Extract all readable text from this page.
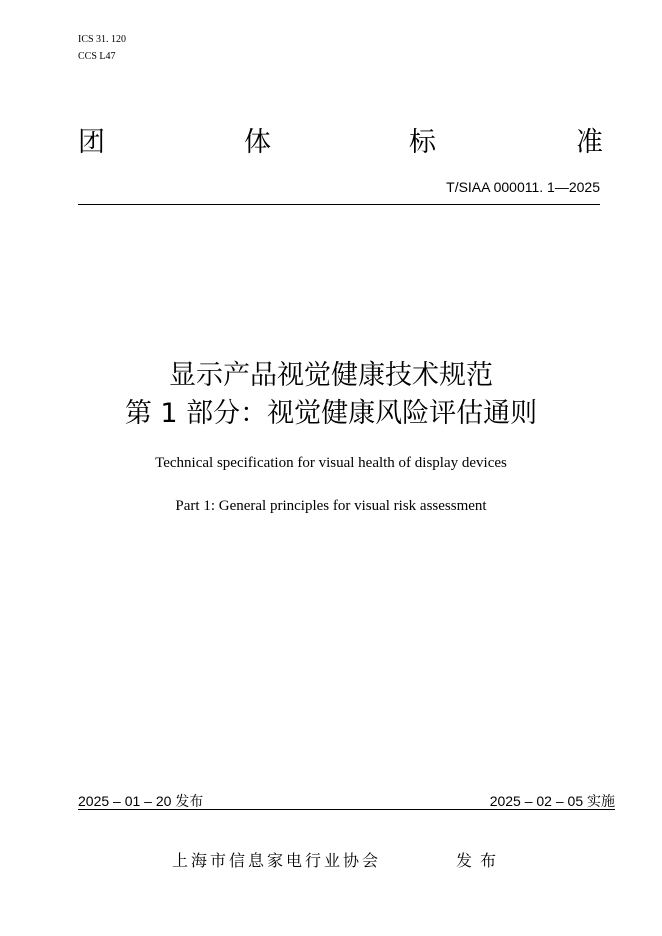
ICS 31. 120
CCS L47
团	体	标	准
T/SIAA 000011. 1—2025
显示产品视觉健康技术规范
第 1 部分：视觉健康风险评估通则
Technical specification for visual health of display devices
Part 1: General principles for visual risk assessment
2025 – 01 – 20 发布	2025 – 02 – 05 实施
上海市信息家电行业协会	发布
